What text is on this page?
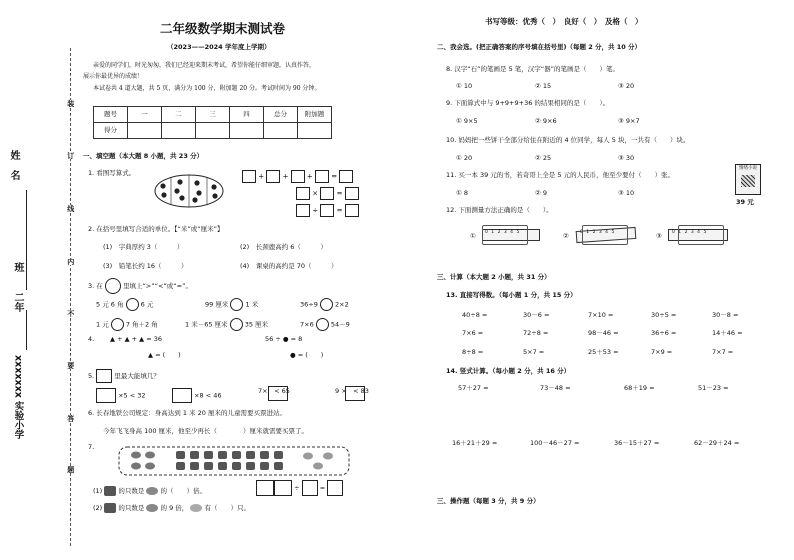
装
订
线
内
不
要
答
题
姓　名
班
二年
xxxxxxx 实验小学
二年级数学期末测试卷
（2023——2024 学年度上学期）
书写等级：优秀（　）　良好（　）　及格（　）
亲爱的同学们，时光匆匆，我们已经迎来期末考试，希望你能仔细审题，认真作答，
展示你最优异的成绩！
本试卷共 4 道大题，共 5 页，满分为 100 分，附加题 20 分。考试时间为 90 分钟。
题号	一	二	三	四	总分	附加题
得分						
一、填空题（本大题 8 小题，共 23 分）
1. 看图写算式。	+	+	+	=
×	=
÷	=
2. 在括号里填写合适的单位。【“米”或“厘米”】
(1)　字典厚约 3（　　　）	(2)　长颈鹿高约 6（　　　）
(3)　铅笔长约 16（　　　）	(4)　课桌的高约是 70（　　　）
3. 在	里填上“>”“<”或“=”。
5 元 6 角	6 元	99 厘米	1 米	36÷9	2×2
1 元	7 角＋2 角	1 米－65 厘米	35 厘米	7×6	54－9
4. ▲ + ▲ + ▲ = 36	56 ÷ ● = 8
▲ = (　　)	● = (　　)
5.	里最大能填几？
×5 < 32	×8 < 46
7×　< 65	9 ×　< 83
6. 长春地铁公司规定：身高达到 1 米 20 厘米的儿童需要买票进站。
今年飞飞身高 100 厘米，他至少再长（　　　　）厘米就需要买票了。
7.
(1) 的只数是 的（　　）倍。	÷	=
(2) 的只数是 的 9 倍， 有（　　）只。
二、我会选。(把正确答案的序号填在括号里)（每题 2 分，共 10 分）
8. 汉字“石”的笔画是 5 笔，汉字“器”的笔画是（　　）笔。
① 10	② 15	③ 20
9. 下面算式中与 9+9+9+36 的结果相同的是（　　）。
① 9×5	② 9×6	③ 9×7
10. 妈妈把一些饼干全部分给住在附近的 4 位同学，每人 5 块，一共有（　　）块。
① 20	② 25	③ 30
11. 买一本 39 元的书，若奇哥上全是 5 元的人民币，他至少要付（　　）张。
① 8	② 9	③ 10
情绪小说
39 元
12. 下面测量方法正确的是（　　）。
① 0 1 2 3 4 5	② 0 1 2 3 4 5	③ 0 1 2 3 4 5
三、计算（本大题 2 小题，共 31 分）
13. 直接写得数。（每小题 1 分，共 15 分）
40÷8 =	30－6 =	7×10 =	30÷5 =	30－8 =
7×6 =	72÷8 =	98－46 =	36÷6 =	14＋46 =
8÷8 =	5×7 =	25＋53 =	7×9 =	7×7 =
14. 竖式计算。（每小题 2 分，共 16 分）
57＋27 =	73－48 =	68＋19 =	51－23 =
16＋21＋29 =	100－46－27 =	36－15＋27 =	62－29＋24 =
三、操作题（每题 3 分，共 9 分）
